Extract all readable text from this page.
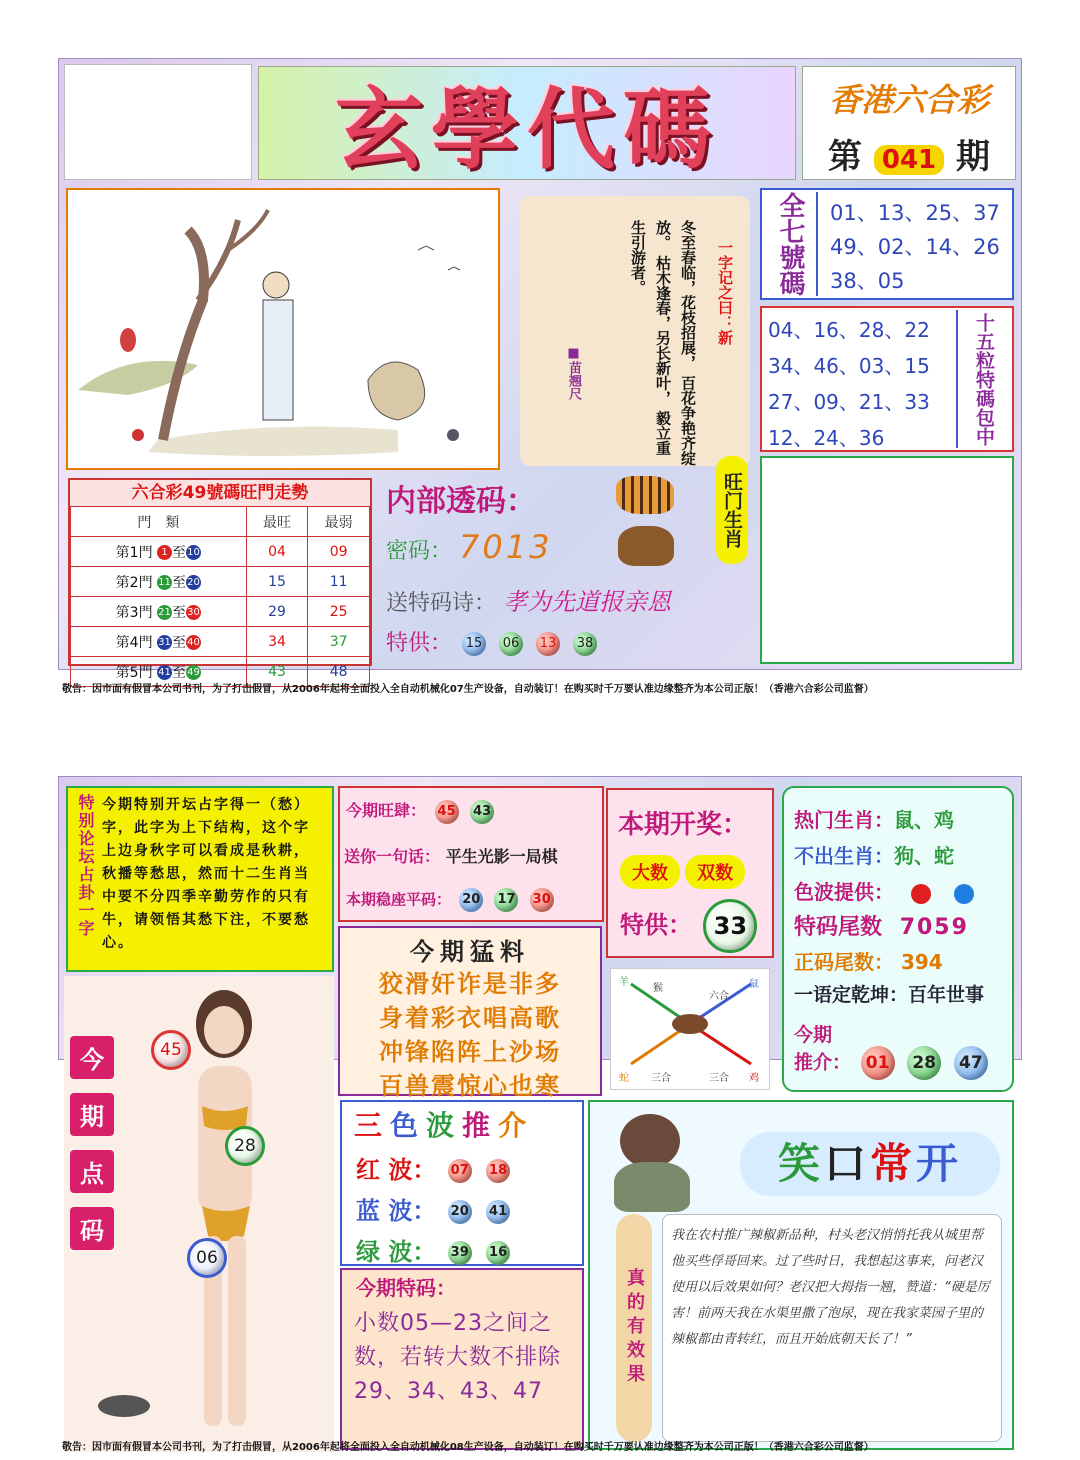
玄學代碼	香港六合彩
第 041 期
一字记之曰：新
冬至春临，花枝招展， 百花争艳齐绽放。 枯木逢春，另长新叶， 毅立重生引游者。
■苗翘尺
全七號碼	01、13、25、37
49、02、14、26
38、05
04、16、28、22
34、46、03、15
27、09、21、33
12、24、36	十五粒特碼包中
六合彩49號碼旺門走勢
門　類	最旺	最弱
第1門 1 至10	04	09
第2門 11至20	15	11
第3門 21至30	29	25
第4門 31至40	34	37
第5門 41至49	43	48
内部透码：	旺门生肖
密码： 7013
送特码诗： 孝为先道报亲恩
特供： 15 06 13 38
敬告：因市面有假冒本公司书刊，为了打击假冒，从2006年起将全面投入全自动机械化07生产设备，自动装订！在购买时千万要认准边缘整齐为本公司正版！（香港六合彩公司监督）
特别论坛占卦一字 今期特别开坛占字得一（愁）字，此字为上下结构，这个字上边身秋字可以看成是秋耕，秋播等愁思，然而十二生肖当中要不分四季辛勤劳作的只有牛，请领悟其愁下注，不要愁心。
今
期
点
码
45
28
06
今期旺肆： 45 43
送你一句话： 平生光影一局棋
本期稳座平码： 20 17 30
今期猛料
狡滑奸诈是非多
身着彩衣唱高歌
冲锋陷阵上沙场
百兽震惊心也寒
本期开奖：
大数 双数
特供： 33
羊
猴
六合
鼠
蛇 三合	三合 鸡
热门生肖：鼠、鸡
不出生肖：狗、蛇
色波提供：
特码尾数 7059
正码尾数： 394
一语定乾坤：百年世事
今期
推介： 01 28 47
三色波推介
红 波： 07 18
蓝 波： 20 41
绿 波： 39 16
今期特码：
小数05—23之间之数，若转大数不排除29、34、43、47
笑口常开
真的有效果
我在农村推广辣椒新品种，村头老汉悄悄托我从城里帮他买些俘哥回来。过了些时日，我想起这事来，问老汉使用以后效果如何？老汉把大拇指一翘，赞道：“硬是厉害！前两天我在水渠里撒了泡尿，现在我家菜园子里的辣椒都由青转红，而且开始底朝天长了！”
敬告：因市面有假冒本公司书刊，为了打击假冒，从2006年起将全面投入全自动机械化08生产设备，自动装订！在购买时千万要认准边缘整齐为本公司正版！（香港六合彩公司监督）
